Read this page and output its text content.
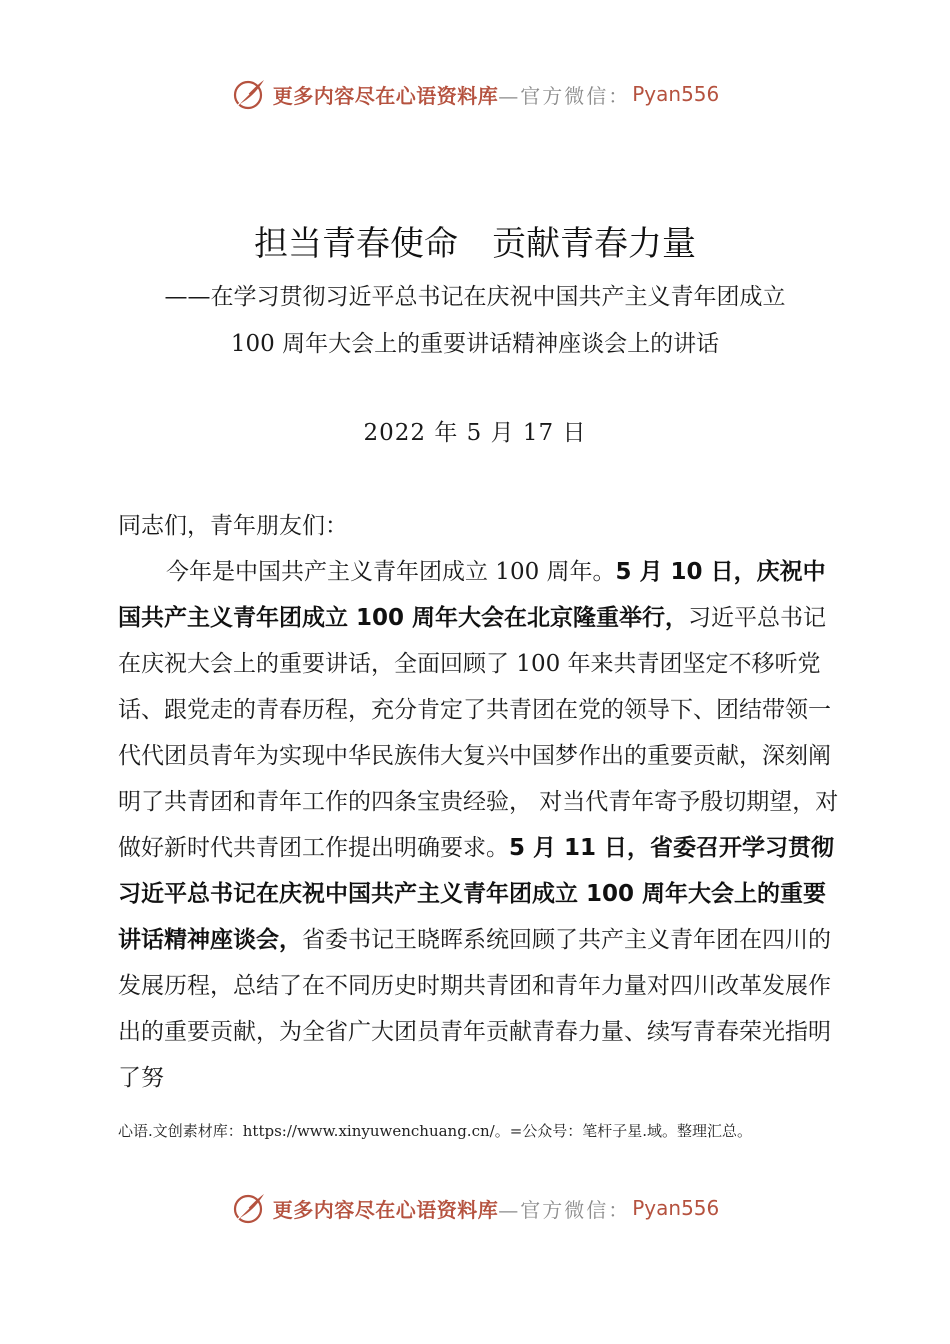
更多内容尽在心语资料库 —官方微信： Pyan556
担当青春使命　贡献青春力量
——在学习贯彻习近平总书记在庆祝中国共产主义青年团成立
100 周年大会上的重要讲话精神座谈会上的讲话
2022 年 5 月 17 日

同志们，青年朋友们：

今年是中国共产主义青年团成立 100 周年。5 月 10 日，庆祝中国共产主义青年团成立 100 周年大会在北京隆重举行，习近平总书记在庆祝大会上的重要讲话，全面回顾了 100 年来共青团坚定不移听党话、跟党走的青春历程，充分肯定了共青团在党的领导下、团结带领一代代团员青年为实现中华民族伟大复兴中国梦作出的重要贡献，深刻阐明了共青团和青年工作的四条宝贵经验， 对当代青年寄予殷切期望，对做好新时代共青团工作提出明确要求。5 月 11 日，省委召开学习贯彻习近平总书记在庆祝中国共产主义青年团成立 100 周年大会上的重要讲话精神座谈会，省委书记王晓晖系统回顾了共产主义青年团在四川的发展历程，总结了在不同历史时期共青团和青年力量对四川改革发展作出的重要贡献，为全省广大团员青年贡献青春力量、续写青春荣光指明了努

心语.文创素材库：https://www.xinyuwenchuang.cn/。=公众号：笔杆子星.域。整理汇总。
更多内容尽在心语资料库 —官方微信： Pyan556
